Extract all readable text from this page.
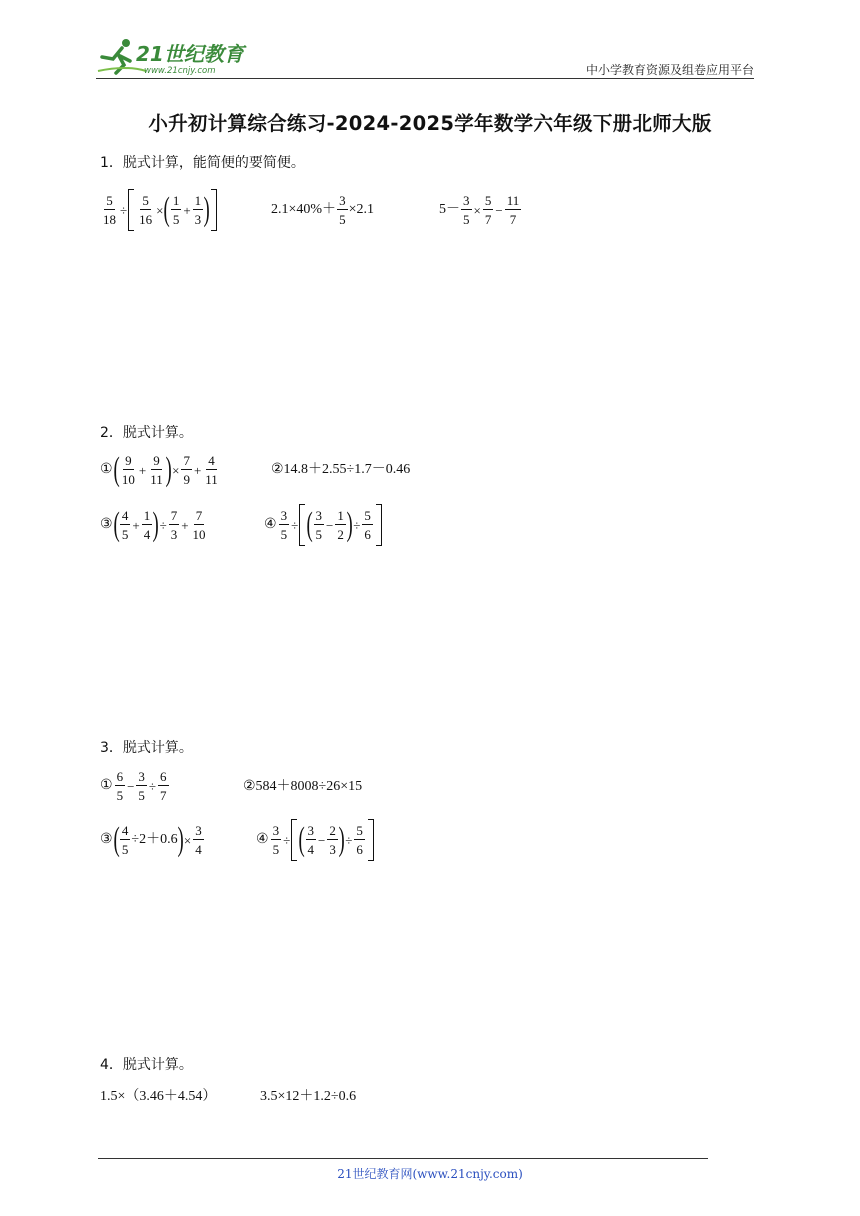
21世纪教育
www.21cnjy.com	中小学教育资源及组卷应用平台
小升初计算综合练习-2024-2025学年数学六年级下册北师大版
1．脱式计算，能简便的要简便。
$\frac{5}{18} \div \frac{5}{16}$ × ( $\frac{1}{5} + \frac{1}{3}$ )	$2.1\times 40\%+ \frac{3}{5} \times 2.1$	$5- \frac{3}{5} \times \frac{5}{7} - \frac{11}{7}$
2．脱式计算。
① ( $\frac{9}{10} + \frac{9}{11}$ ) × $\frac{7}{9} + \frac{4}{11}$	②14.8＋2.55÷1.7－0.46
③ ( $\frac{4}{5} + \frac{1}{4}$ ) ÷ $\frac{7}{3} + \frac{7}{10}$	④ $\frac{3}{5}$ ÷ ( $\frac{3}{5} - \frac{1}{2}$ ) ÷ $\frac{5}{6}$
3．脱式计算。
① $\frac{6}{5} - \frac{3}{5} \div \frac{6}{7}$	②584＋8008÷26×15
③ ( $\frac{4}{5} \div 2+0.6$ ) × $\frac{3}{4}$	④ $\frac{3}{5}$ ÷ ( $\frac{3}{4} - \frac{2}{3}$ ) ÷ $\frac{5}{6}$
4．脱式计算。
1.5×（3.46＋4.54）	3.5×12＋1.2÷0.6
21世纪教育网(www.21cnjy.com)
